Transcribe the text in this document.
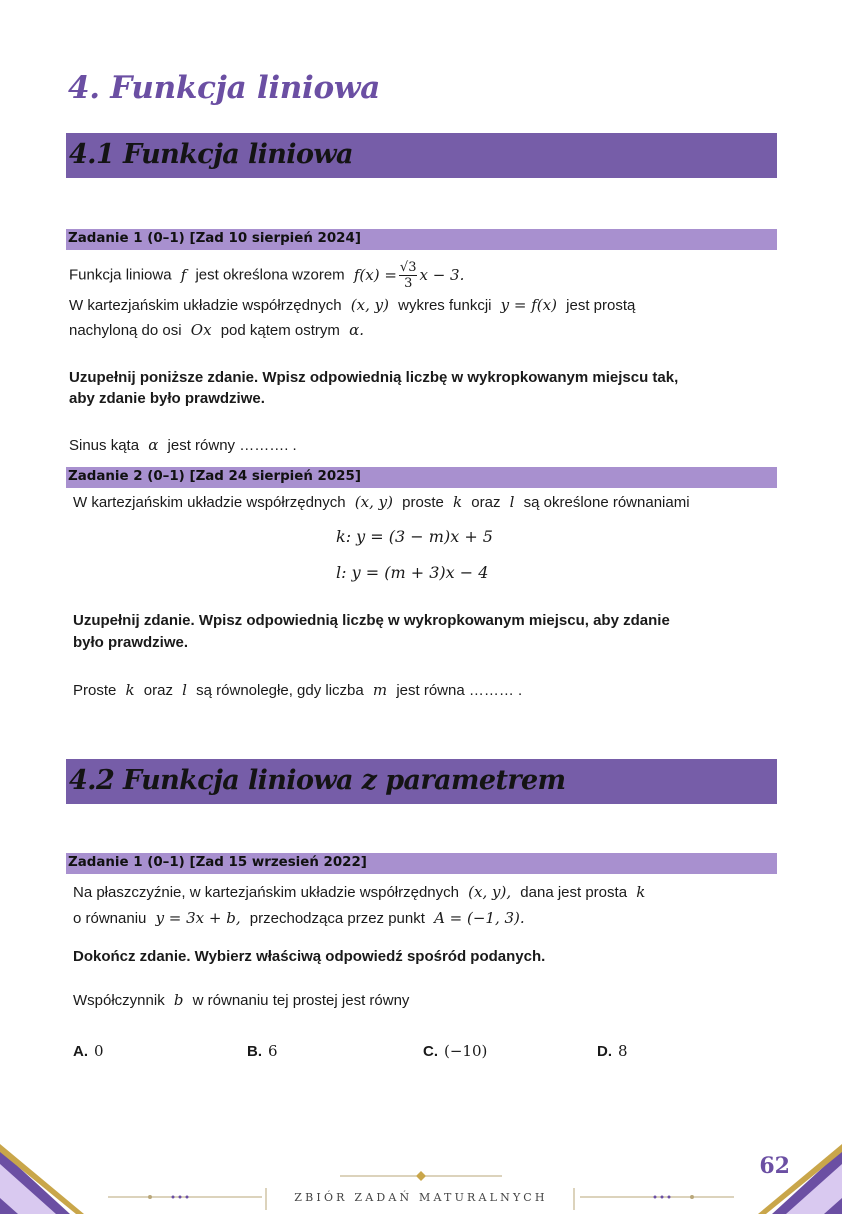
4. Funkcja liniowa
4.1 Funkcja liniowa
Zadanie 1 (0–1) [Zad 10 sierpień 2024]
Funkcja liniowa f jest określona wzorem $f(x) = \frac{√3}{3}$ x − 3.
W kartezjańskim układzie współrzędnych (x, y) wykres funkcji y = f(x) jest prostą
nachyloną do osi Ox pod kątem ostrym α.
Uzupełnij poniższe zdanie. Wpisz odpowiednią liczbę w wykropkowanym miejscu tak,
aby zdanie było prawdziwe.
Sinus kąta α jest równy ………. .
Zadanie 2 (0–1) [Zad 24 sierpień 2025]
W kartezjańskim układzie współrzędnych (x, y) proste k oraz l są określone równaniami
k: y = (3 − m)x + 5
l: y = (m + 3)x − 4
Uzupełnij zdanie. Wpisz odpowiednią liczbę w wykropkowanym miejscu, aby zdanie
było prawdziwe.
Proste k oraz l są równoległe, gdy liczba m jest równa ……… .
4.2 Funkcja liniowa z parametrem
Zadanie 1 (0–1) [Zad 15 wrzesień 2022]
Na płaszczyźnie, w kartezjańskim układzie współrzędnych (x, y), dana jest prosta k
o równaniu y = 3x + b, przechodząca przez punkt A = (−1, 3).
Dokończ zdanie. Wybierz właściwą odpowiedź spośród podanych.
Współczynnik b w równaniu tej prostej jest równy
A. 0	B. 6	C. (−10)	D. 8
ZBIÓR ZADAŃ MATURALNYCH
62
